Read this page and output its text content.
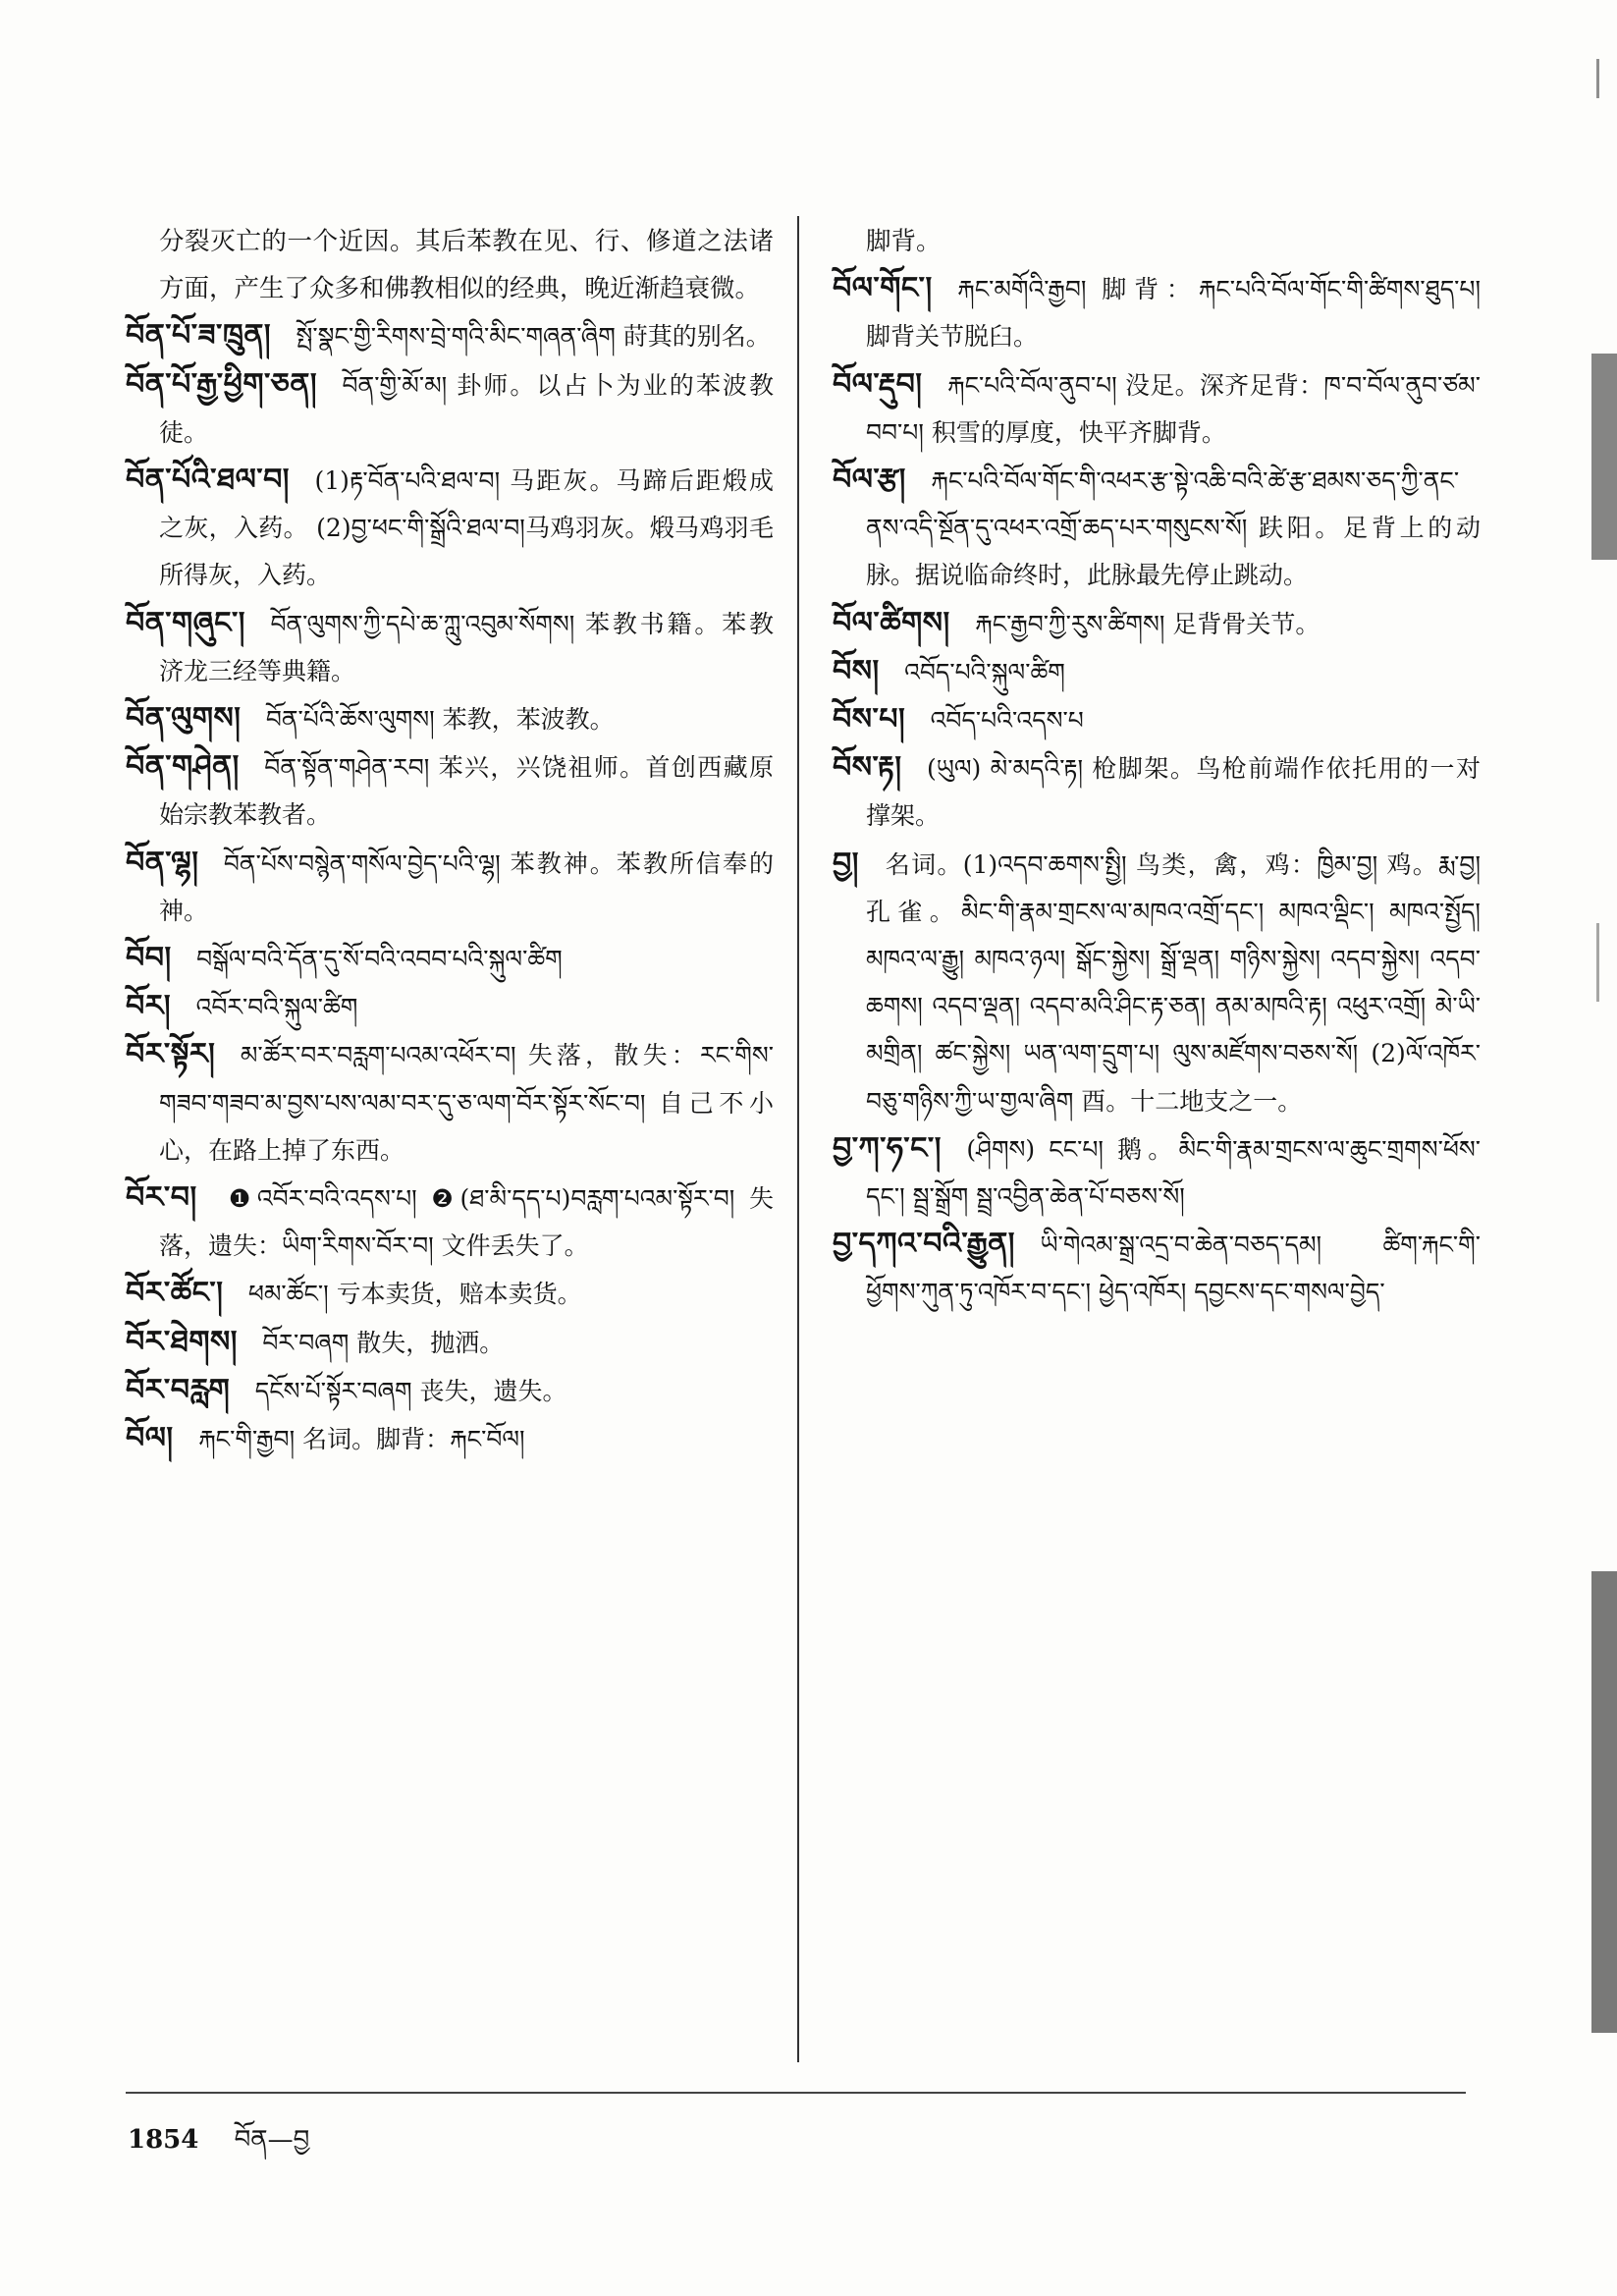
分裂灭亡的一个近因。其后苯教在见、行、修道之法诸方面，产生了众多和佛教相似的经典，晚近渐趋衰微。

བོན་པོ་ཟ་ཁྲུན།  སྤོ་སྣང་གྱི་རིགས་བྲེ་གའི་མིང་གཞན་ཞིག 莳萁的别名。

བོན་པོ་རྒྱ་ཕྱིག་ཅན།  བོན་གྱི་མོ་མ། 卦师。以占卜为业的苯波教徒。

བོན་པོའི་ཐལ་བ།  (1)རྟ་བོན་པའི་ཐལ་བ། 马距灰。马蹄后距煅成之灰，入药。 (2)བྱ་ཕང་གི་སྒྲོའི་ཐལ་བ།马鸡羽灰。煅马鸡羽毛所得灰，入药。

བོན་གཞུང་།  བོན་ལུགས་ཀྱི་དཔེ་ཆ་ཀླུ་འབུམ་སོགས། 苯教书籍。苯教济龙三经等典籍。

བོན་ལུགས།  བོན་པོའི་ཆོས་ལུགས། 苯教，苯波教。

བོན་གཤེན།  བོན་སྟོན་གཤེན་རབ། 苯兴，兴饶祖师。首创西藏原始宗教苯教者。

བོན་ལྷ།  བོན་པོས་བསྙེན་གསོལ་བྱེད་པའི་ལྷ། 苯教神。苯教所信奉的神。

བོབ།  བསྒོལ་བའི་དོན་དུ་སོ་བའི་འབབ་པའི་སྐུལ་ཚིག

བོར།  འབོར་བའི་སྐུལ་ཚིག

བོར་སྟོར།  མ་ཚོར་བར་བརླག་པའམ་འཕོར་བ། 失落，散失：རང་གིས་གཟབ་གཟབ་མ་བྱས་པས་ལམ་བར་དུ་ཅ་ལག་བོར་སྟོར་སོང་བ། 自己不小心，在路上掉了东西。

བོར་བ།  ❶འབོར་བའི་འདས་པ། ❷(ཐ་མི་དད་པ)བརླག་པའམ་སྟོར་བ། 失落，遗失：ཡིག་རིགས་བོར་བ། 文件丢失了。

བོར་ཚོང་།  ཕམ་ཚོང་། 亏本卖货，赔本卖货。

བོར་ཐེགས།  བོར་བཞག 散失，抛洒。

བོར་བརླག  དངོས་པོ་སྟོར་བཞག 丧失，遗失。

བོལ།  རྐང་གི་རྒྱབ། 名词。脚背：རྐང་བོལ།

脚背。

བོལ་གོང་།  རྐང་མགོའི་རྒྱབ། 脚背：རྐང་པའི་བོལ་གོང་གི་ཚིགས་ཐུད་པ། 脚背关节脱臼。

བོལ་རྡུབ།  རྐང་པའི་བོལ་ནུབ་པ། 没足。深齐足背：ཁ་བ་བོལ་ནུབ་ཙམ་བབ་པ། 积雪的厚度，快平齐脚背。

བོལ་རྩ།  རྐང་པའི་བོལ་གོང་གི་འཕར་རྩ་སྟེ་འཆི་བའི་ཚེ་རྩ་ཐམས་ཅད་ཀྱི་ནང་ནས་འདི་སྔོན་དུ་འཕར་འགྲོ་ཆད་པར་གསུངས་སོ། 趺阳。足背上的动脉。据说临命终时，此脉最先停止跳动。

བོལ་ཚིགས།  རྐང་རྒྱབ་ཀྱི་རུས་ཚིགས། 足背骨关节。

བོས།  འབོད་པའི་སྐུལ་ཚིག

བོས་པ།  འབོད་པའི་འདས་པ

བོས་རྟ།  (ཡུལ) མེ་མདའི་རྟ། 枪脚架。鸟枪前端作依托用的一对撑架。

བྱ།  名词。(1)འདབ་ཆགས་སྤྱི། 鸟类，禽，鸡：ཁྱིམ་བྱ། 鸡。རྨ་བྱ། 孔雀。མིང་གི་རྣམ་གྲངས་ལ་མཁའ་འགྲོ་དང་། མཁའ་ལྡིང་། མཁའ་སྤྱོད། མཁའ་ལ་རྒྱུ། མཁའ་ཉལ། སྒོང་སྐྱེས། སྒྲོ་ལྡན། གཉིས་སྐྱེས། འདབ་སྐྱེས། འདབ་ཆགས། འདབ་ལྡན། འདབ་མའི་ཤིང་རྟ་ཅན། ནམ་མཁའི་རྟ། འཕུར་འགྲོ། མེ་ཡི་མགྲིན། ཚང་སྐྱེས། ཡན་ལག་དྲུག་པ། ལུས་མཛོགས་བཅས་སོ། (2)ལོ་འཁོར་བཅུ་གཉིས་ཀྱི་ཡ་གྱལ་ཞིག 酉。十二地支之一。

བྱ་ཀ་ཧ་ང་།  (ཤིགས) ངང་པ། 鹅。མིང་གི་རྣམ་གྲངས་ལ་ཆུང་གྲགས་ཕོས་དང་། སྦྲ་སྒྲོག སྦྲ་འབྱིན་ཆེན་པོ་བཅས་སོ།

བྱ་དཀའ་བའི་རྒྱུན།  ཡི་གེའམ་སྒྲ་འདྲ་བ་ཆེན་བཅད་དམ། ཚིག་རྐང་གི་ཕྱོགས་ཀུན་ཏུ་འཁོར་བ་དང་། ཕྱེད་འཁོར། དབྱངས་དང་གསལ་བྱེད་

1854 བོན—བྱ
